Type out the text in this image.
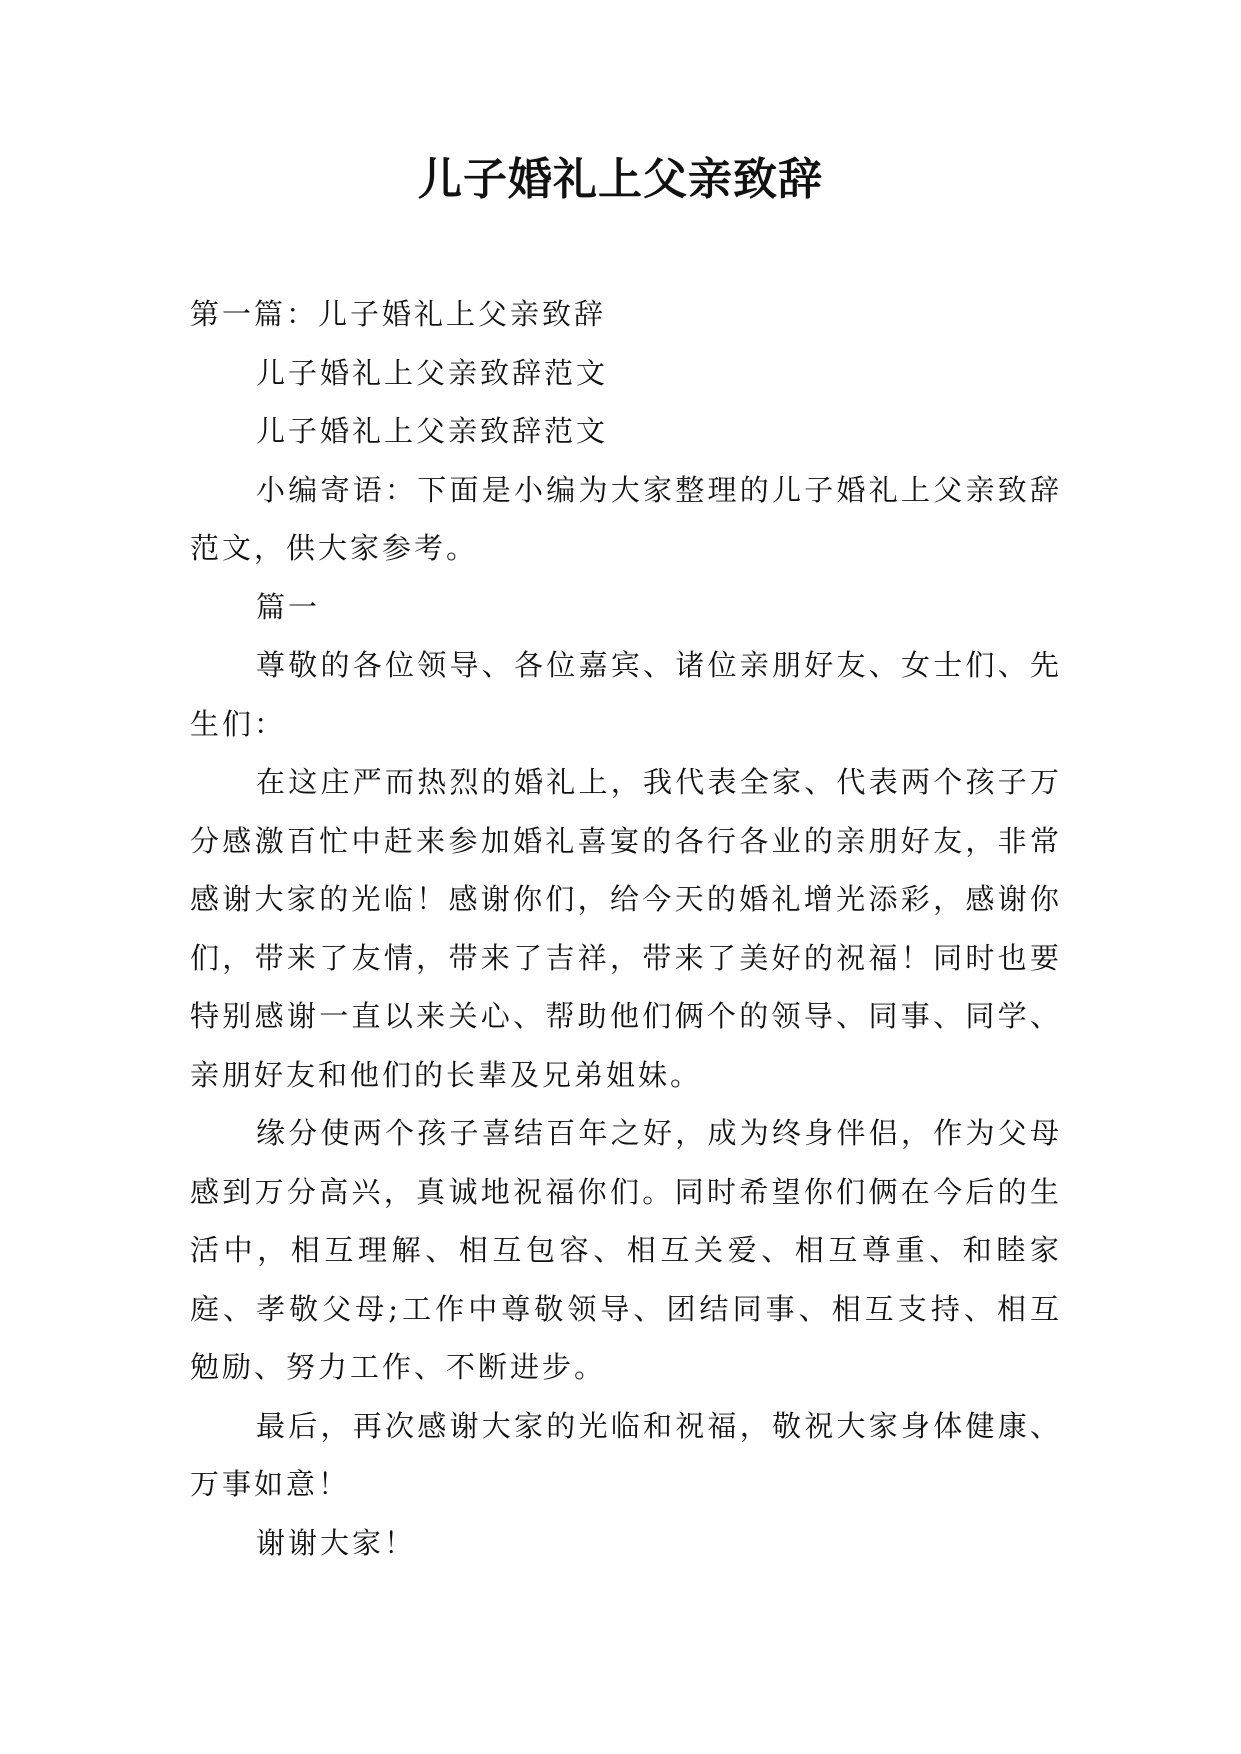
儿子婚礼上父亲致辞

第一篇：儿子婚礼上父亲致辞

儿子婚礼上父亲致辞范文

儿子婚礼上父亲致辞范文

小编寄语：下面是小编为大家整理的儿子婚礼上父亲致辞范文，供大家参考。

篇一

尊敬的各位领导、各位嘉宾、诸位亲朋好友、女士们、先生们：

在这庄严而热烈的婚礼上，我代表全家、代表两个孩子万分感激百忙中赶来参加婚礼喜宴的各行各业的亲朋好友，非常感谢大家的光临！感谢你们，给今天的婚礼增光添彩，感谢你们，带来了友情，带来了吉祥，带来了美好的祝福！同时也要特别感谢一直以来关心、帮助他们俩个的领导、同事、同学、亲朋好友和他们的长辈及兄弟姐妹。

缘分使两个孩子喜结百年之好，成为终身伴侣，作为父母感到万分高兴，真诚地祝福你们。同时希望你们俩在今后的生活中，相互理解、相互包容、相互关爱、相互尊重、和睦家庭、孝敬父母;工作中尊敬领导、团结同事、相互支持、相互勉励、努力工作、不断进步。

最后，再次感谢大家的光临和祝福，敬祝大家身体健康、万事如意！

谢谢大家！
